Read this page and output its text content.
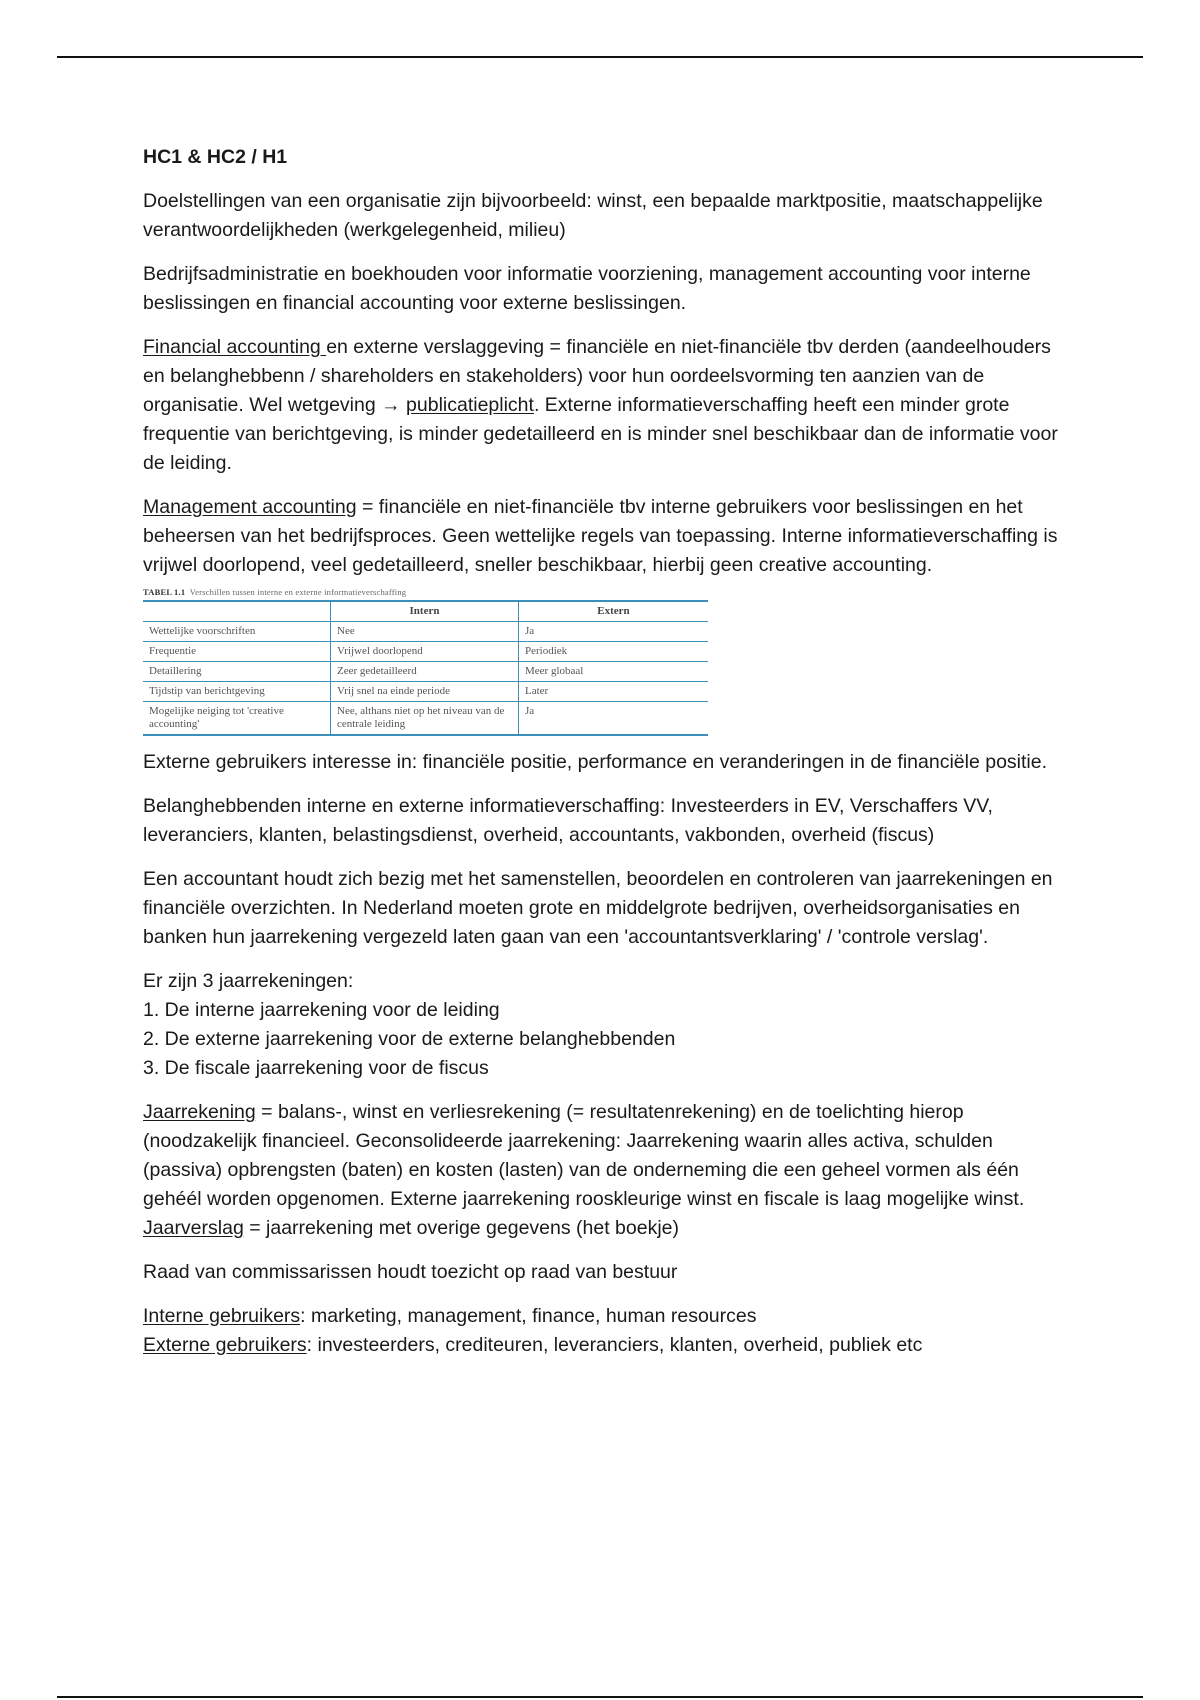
HC1 & HC2 / H1

Doelstellingen van een organisatie zijn bijvoorbeeld: winst, een bepaalde marktpositie, maatschappelijke verantwoordelijkheden (werkgelegenheid, milieu)

Bedrijfsadministratie en boekhouden voor informatie voorziening, management accounting voor interne beslissingen en financial accounting voor externe beslissingen.

Financial accounting en externe verslaggeving = financiële en niet-financiële tbv derden (aandeelhouders en belanghebbenn / shareholders en stakeholders) voor hun oordeelsvorming ten aanzien van de organisatie. Wel wetgeving → publicatieplicht. Externe informatieverschaffing heeft een minder grote frequentie van berichtgeving, is minder gedetailleerd en is minder snel beschikbaar dan de informatie voor de leiding.

Management accounting = financiële en niet-financiële tbv interne gebruikers voor beslissingen en het beheersen van het bedrijfsproces. Geen wettelijke regels van toepassing. Interne informatieverschaffing is vrijwel doorlopend, veel gedetailleerd, sneller beschikbaar, hierbij geen creative accounting.

TABEL 1.1 Verschillen tussen interne en externe informatieverschaffing
	Intern	Extern
Wettelijke voorschriften	Nee	Ja
Frequentie	Vrijwel doorlopend	Periodiek
Detaillering	Zeer gedetailleerd	Meer globaal
Tijdstip van berichtgeving	Vrij snel na einde periode	Later
Mogelijke neiging tot 'creative accounting'	Nee, althans niet op het niveau van de centrale leiding	Ja

Externe gebruikers interesse in: financiële positie, performance en veranderingen in de financiële positie.

Belanghebbenden interne en externe informatieverschaffing: Investeerders in EV, Verschaffers VV, leveranciers, klanten, belastingsdienst, overheid, accountants, vakbonden, overheid (fiscus)

Een accountant houdt zich bezig met het samenstellen, beoordelen en controleren van jaarrekeningen en financiële overzichten. In Nederland moeten grote en middelgrote bedrijven, overheidsorganisaties en banken hun jaarrekening vergezeld laten gaan van een 'accountantsverklaring' / 'controle verslag'.

Er zijn 3 jaarrekeningen:
1. De interne jaarrekening voor de leiding
2. De externe jaarrekening voor de externe belanghebbenden
3. De fiscale jaarrekening voor de fiscus

Jaarrekening = balans-, winst en verliesrekening (= resultatenrekening) en de toelichting hierop (noodzakelijk financieel. Geconsolideerde jaarrekening: Jaarrekening waarin alles activa, schulden (passiva) opbrengsten (baten) en kosten (lasten) van de onderneming die een geheel vormen als één gehéél worden opgenomen. Externe jaarrekening rooskleurige winst en fiscale is laag mogelijke winst.
Jaarverslag = jaarrekening met overige gegevens (het boekje)

Raad van commissarissen houdt toezicht op raad van bestuur

Interne gebruikers: marketing, management, finance, human resources
Externe gebruikers: investeerders, crediteuren, leveranciers, klanten, overheid, publiek etc
